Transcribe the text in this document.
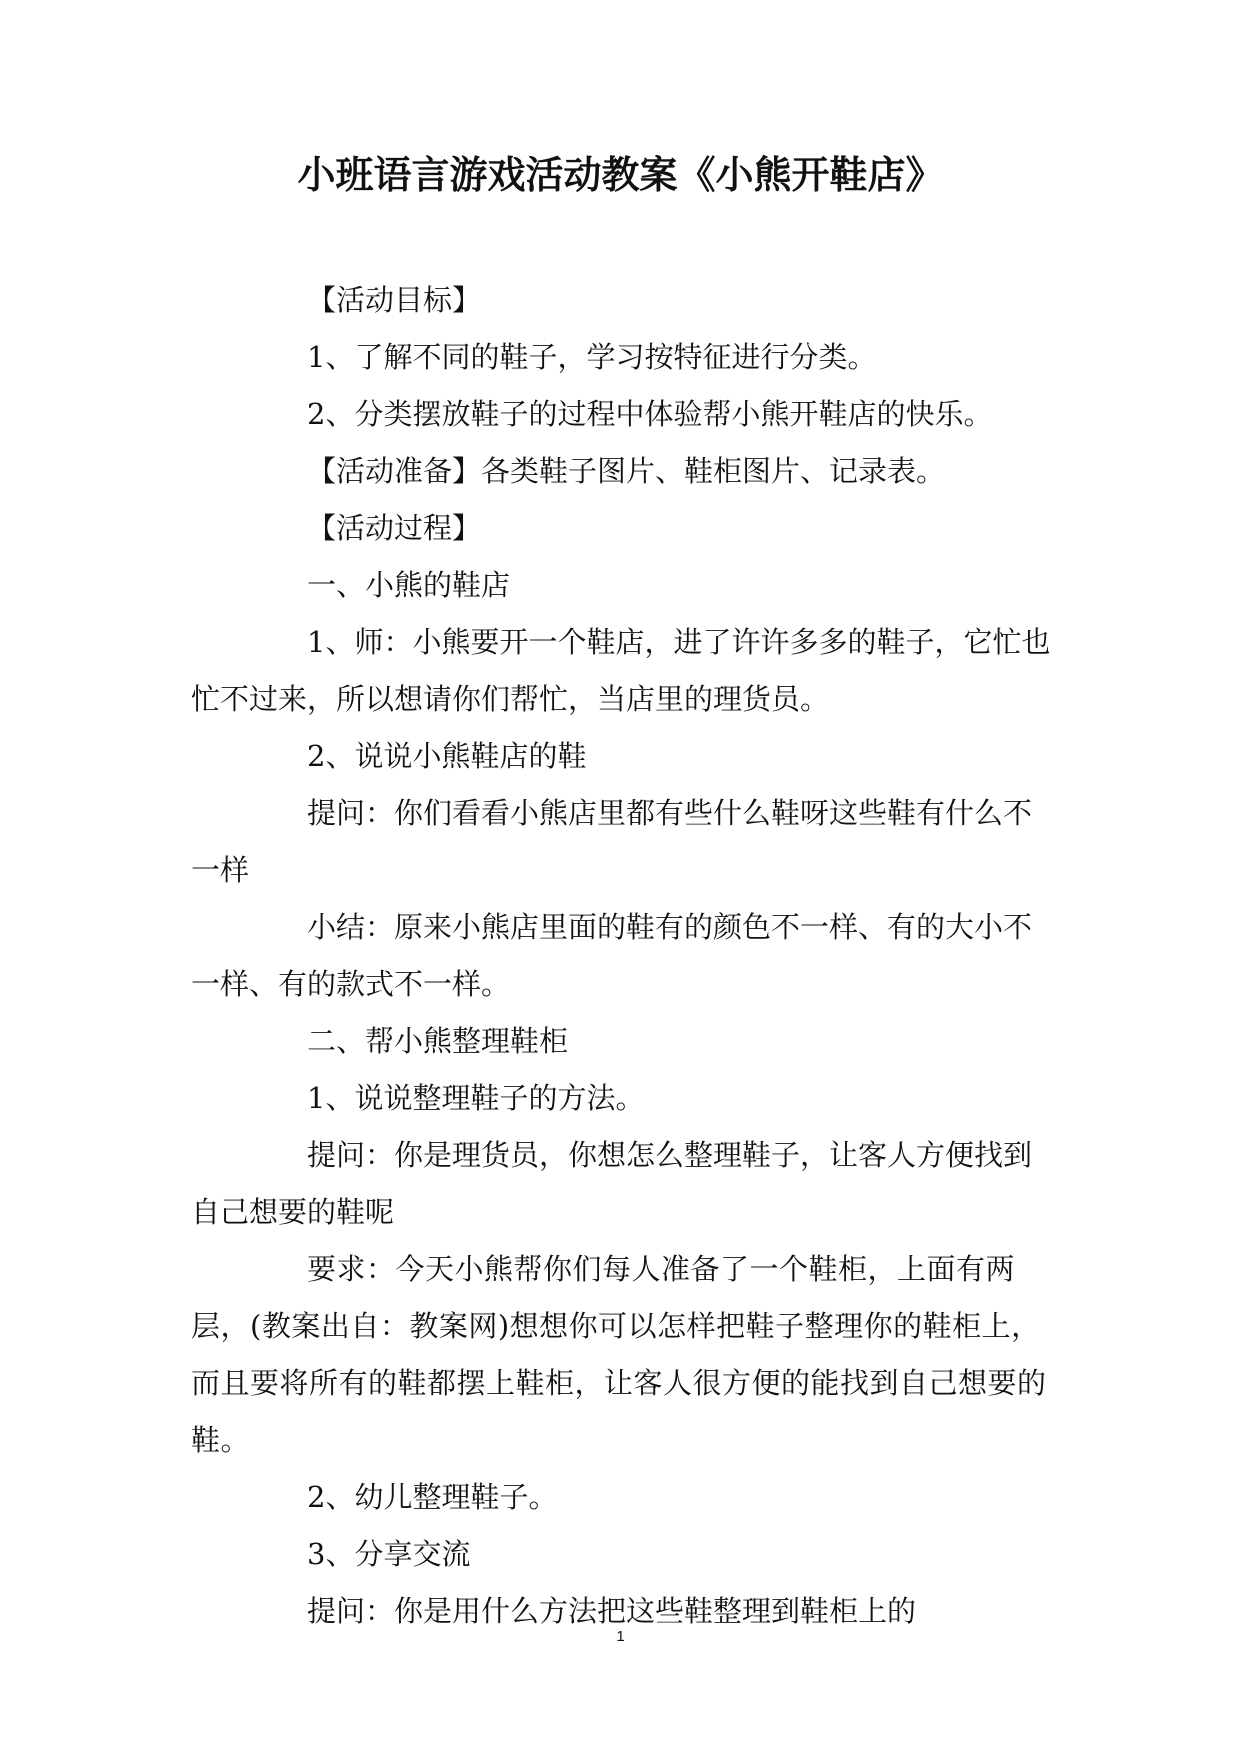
小班语言游戏活动教案《小熊开鞋店》

【活动目标】

1、了解不同的鞋子，学习按特征进行分类。

2、分类摆放鞋子的过程中体验帮小熊开鞋店的快乐。

【活动准备】各类鞋子图片、鞋柜图片、记录表。

【活动过程】

一、小熊的鞋店

1、师：小熊要开一个鞋店，进了许许多多的鞋子，它忙也忙不过来，所以想请你们帮忙，当店里的理货员。

2、说说小熊鞋店的鞋

提问：你们看看小熊店里都有些什么鞋呀这些鞋有什么不一样

小结：原来小熊店里面的鞋有的颜色不一样、有的大小不一样、有的款式不一样。

二、帮小熊整理鞋柜

1、说说整理鞋子的方法。

提问：你是理货员，你想怎么整理鞋子，让客人方便找到自己想要的鞋呢

要求：今天小熊帮你们每人准备了一个鞋柜，上面有两层，(教案出自：教案网)想想你可以怎样把鞋子整理你的鞋柜上，而且要将所有的鞋都摆上鞋柜，让客人很方便的能找到自己想要的鞋。

2、幼儿整理鞋子。

3、分享交流

提问：你是用什么方法把这些鞋整理到鞋柜上的

1
